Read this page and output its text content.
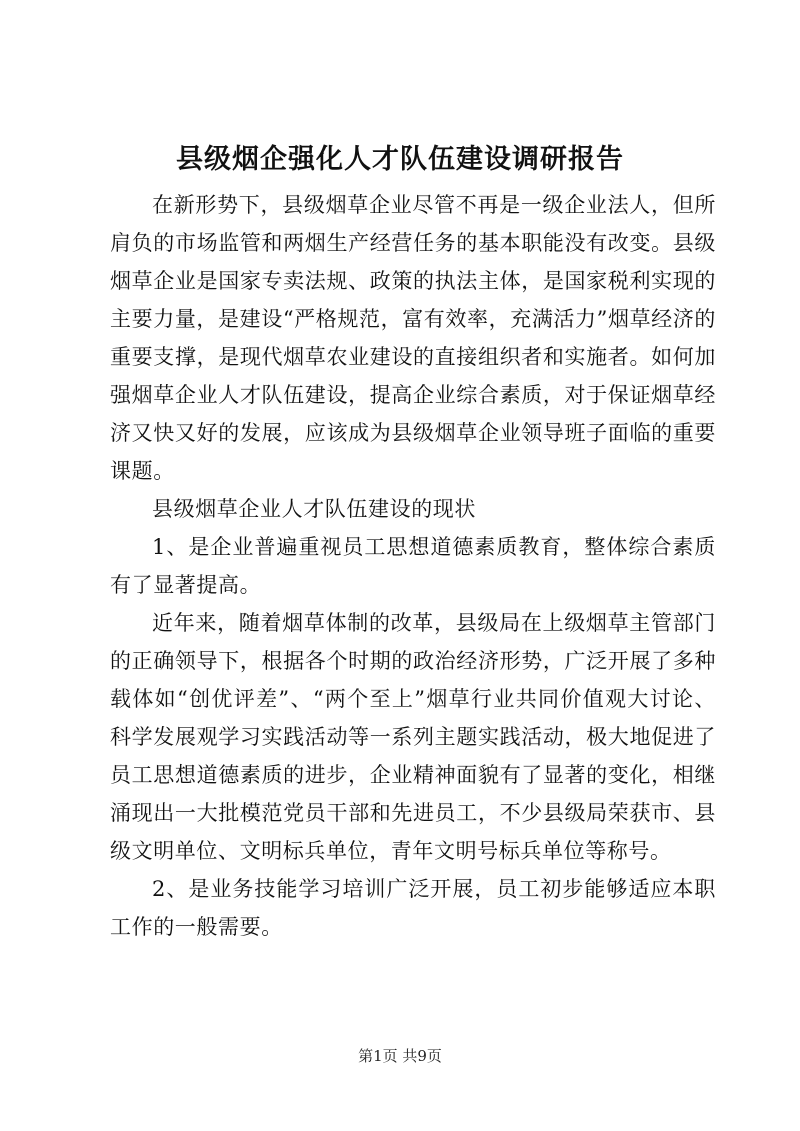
县级烟企强化人才队伍建设调研报告

在新形势下，县级烟草企业尽管不再是一级企业法人，但所肩负的市场监管和两烟生产经营任务的基本职能没有改变。县级烟草企业是国家专卖法规、政策的执法主体，是国家税利实现的主要力量，是建设“严格规范，富有效率，充满活力”烟草经济的重要支撑，是现代烟草农业建设的直接组织者和实施者。如何加强烟草企业人才队伍建设，提高企业综合素质，对于保证烟草经济又快又好的发展，应该成为县级烟草企业领导班子面临的重要课题。

县级烟草企业人才队伍建设的现状

1、是企业普遍重视员工思想道德素质教育，整体综合素质有了显著提高。

近年来，随着烟草体制的改革，县级局在上级烟草主管部门的正确领导下，根据各个时期的政治经济形势，广泛开展了多种载体如“创优评差”、“两个至上”烟草行业共同价值观大讨论、科学发展观学习实践活动等一系列主题实践活动，极大地促进了员工思想道德素质的进步，企业精神面貌有了显著的变化，相继涌现出一大批模范党员干部和先进员工，不少县级局荣获市、县级文明单位、文明标兵单位，青年文明号标兵单位等称号。

2、是业务技能学习培训广泛开展，员工初步能够适应本职工作的一般需要。

第1页 共9页
